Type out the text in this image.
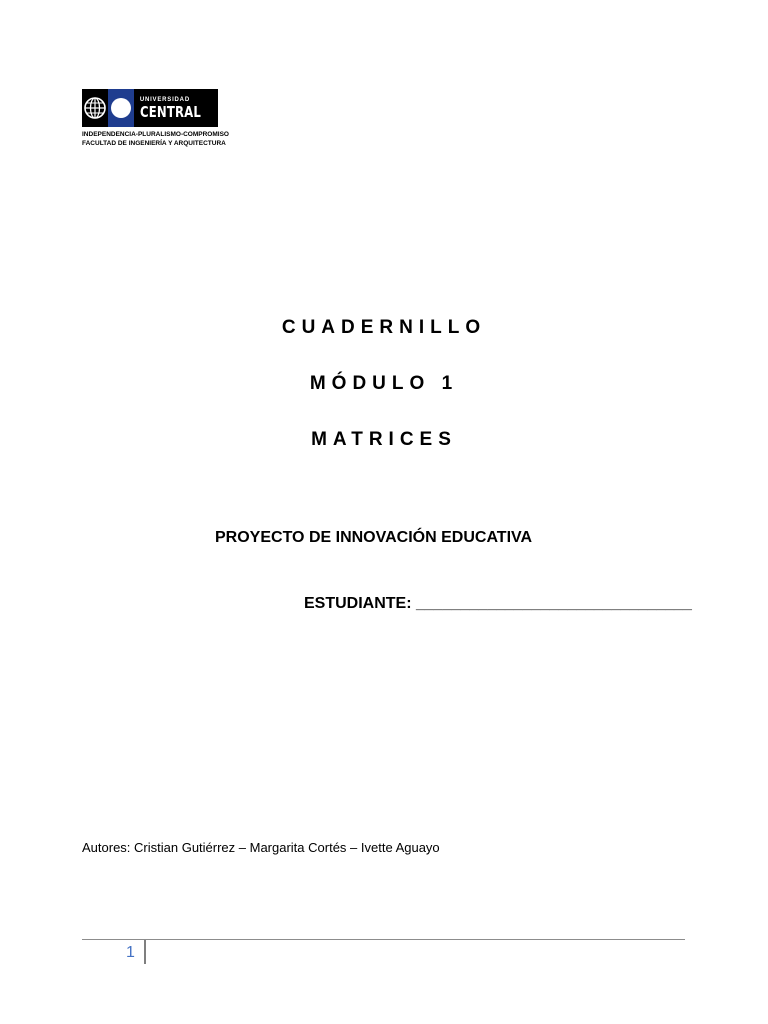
UNIVERSIDAD
CENTRAL
INDEPENDENCIA-PLURALISMO-COMPROMISO
FACULTAD DE INGENIERÍA Y ARQUITECTURA
CUADERNILLO
MÓDULO 1
MATRICES
PROYECTO DE INNOVACIÓN EDUCATIVA
ESTUDIANTE: _______________________________
Autores: Cristian Gutiérrez – Margarita Cortés – Ivette Aguayo
1
